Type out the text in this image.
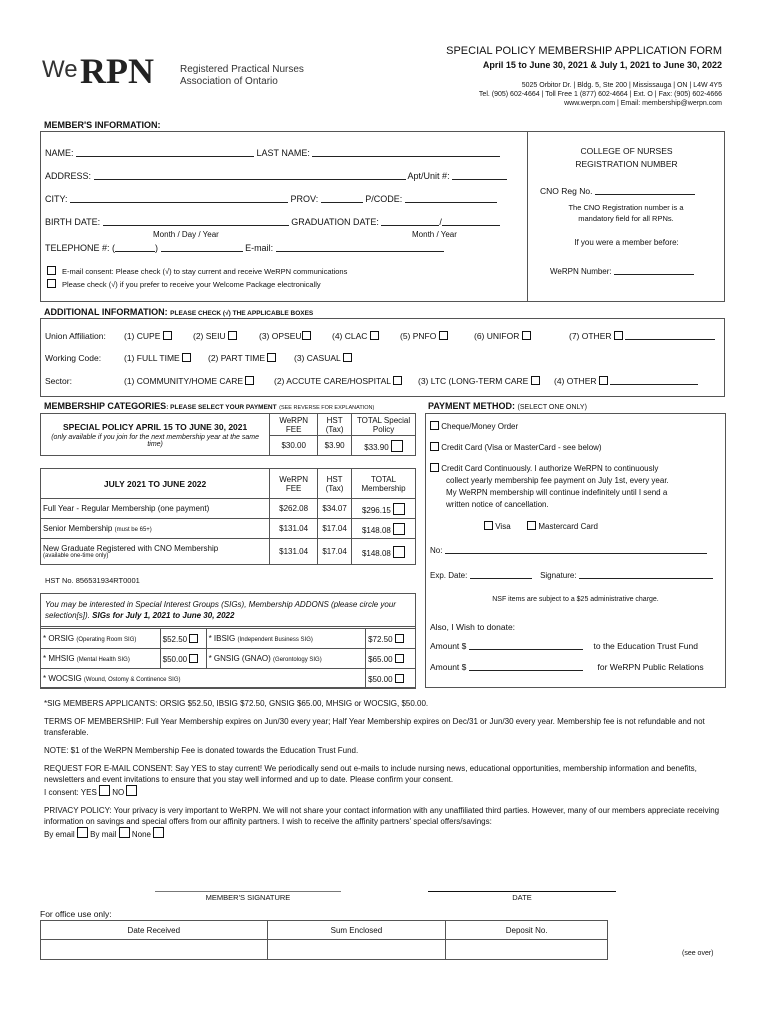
We RPN	Registered Practical Nurses
Association of Ontario
SPECIAL POLICY MEMBERSHIP APPLICATION FORM
April 15 to June 30, 2021 & July 1, 2021 to June 30, 2022
5025 Orbitor Dr. | Bldg. 5, Ste 200 | Mississauga | ON | L4W 4Y5
Tel. (905) 602-4664 | Toll Free 1 (877) 602-4664 | Ext. O | Fax: (905) 602-4666
www.werpn.com | Email: membership@werpn.com
MEMBER'S INFORMATION:
NAME:	LAST NAME:
ADDRESS:	Apt/Unit #:
CITY:	PROV:	P/CODE:
BIRTH DATE:	GRADUATION DATE:	/
Month / Day / Year	Month / Year
TELEPHONE #: (	)	E-mail:
E-mail consent: Please check (√) to stay current and receive WeRPN communications
Please check (√) if you prefer to receive your Welcome Package electronically
COLLEGE OF NURSES
REGISTRATION NUMBER
CNO Reg No.
The CNO Registration number is a mandatory field for all RPNs.
If you were a member before:
WeRPN Number:
ADDITIONAL INFORMATION: PLEASE CHECK (√) THE APPLICABLE BOXES
Union Affiliation: (1) CUPE	(2) SEIU	(3) OPSEU	(4) CLAC	(5) PNFO	(6) UNIFOR	(7) OTHER
Working Code:	(1) FULL TIME	(2) PART TIME	(3) CASUAL
Sector:	(1) COMMUNITY/HOME CARE	(2) ACCUTE CARE/HOSPITAL	(3) LTC (LONG-TERM CARE	(4) OTHER
MEMBERSHIP CATEGORIES: PLEASE SELECT YOUR PAYMENT (SEE REVERSE FOR EXPLANATION)
SPECIAL POLICY APRIL 15 TO JUNE 30, 2021
(only available if you join for the next membership year at the same time)	WeRPN FEE	HST (Tax)	TOTAL Special Policy
	$30.00	$3.90	$33.90
JULY 2021 TO JUNE 2022	WeRPN FEE	HST (Tax)	TOTAL Membership
Full Year - Regular Membership (one payment)	$262.08	$34.07	$296.15
Senior Membership (must be 65+)	$131.04	$17.04	$148.08

New Graduate Registered with CNO Membership
(available one-time only)	$131.04	$17.04	$148.08
HST No. 856531934RT0001
You may be interested in Special Interest Groups (SIGs), Membership ADDONS (please circle your selection[s]). SIGs for July 1, 2021 to June 30, 2022
* ORSIG (Operating Room SIG)	$52.50	* IBSIG (Independent Business SIG)	$72.50
* MHSIG (Mental Health SIG)	$50.00	* GNSIG (GNAO) (Gerontology SIG)	$65.00
* WOCSIG (Wound, Ostomy & Continence SIG)			$50.00
PAYMENT METHOD: (SELECT ONE ONLY)
Cheque/Money Order
Credit Card (Visa or MasterCard - see below)
Credit Card Continuously. I authorize WeRPN to continuously
collect yearly membership fee payment on July 1st, every year.
My WeRPN membership will continue indefinitely until I send a
written notice of cancellation.
Visa	Mastercard Card
No:
Exp. Date:	Signature:
NSF items are subject to a $25 administrative charge.
Also, I Wish to donate:
Amount $	to the Education Trust Fund
Amount $	for WeRPN Public Relations
*SIG MEMBERS APPLICANTS: ORSIG $52.50, IBSIG $72.50, GNSIG $65.00, MHSIG or WOCSIG, $50.00.
TERMS OF MEMBERSHIP: Full Year Membership expires on Jun/30 every year; Half Year Membership expires on Dec/31 or Jun/30 every year. Membership fee is not refundable and not transferable.
NOTE: $1 of the WeRPN Membership Fee is donated towards the Education Trust Fund.
REQUEST FOR E-MAIL CONSENT: Say YES to stay current! We periodically send out e-mails to include nursing news, educational opportunities, membership information and benefits, newsletters and event invitations to ensure that you stay well informed and up to date. Please confirm your consent.
I consent: YES NO
PRIVACY POLICY: Your privacy is very important to WeRPN. We will not share your contact information with any unaffiliated third parties. However, many of our members appreciate receiving information on savings and special offers from our affinity partners. I wish to receive the affinity partners' special offers/savings:
By email By mail None
MEMBER'S SIGNATURE	DATE
For office use only:
Date Received	Sum Enclosed	Deposit No.

(see over)
